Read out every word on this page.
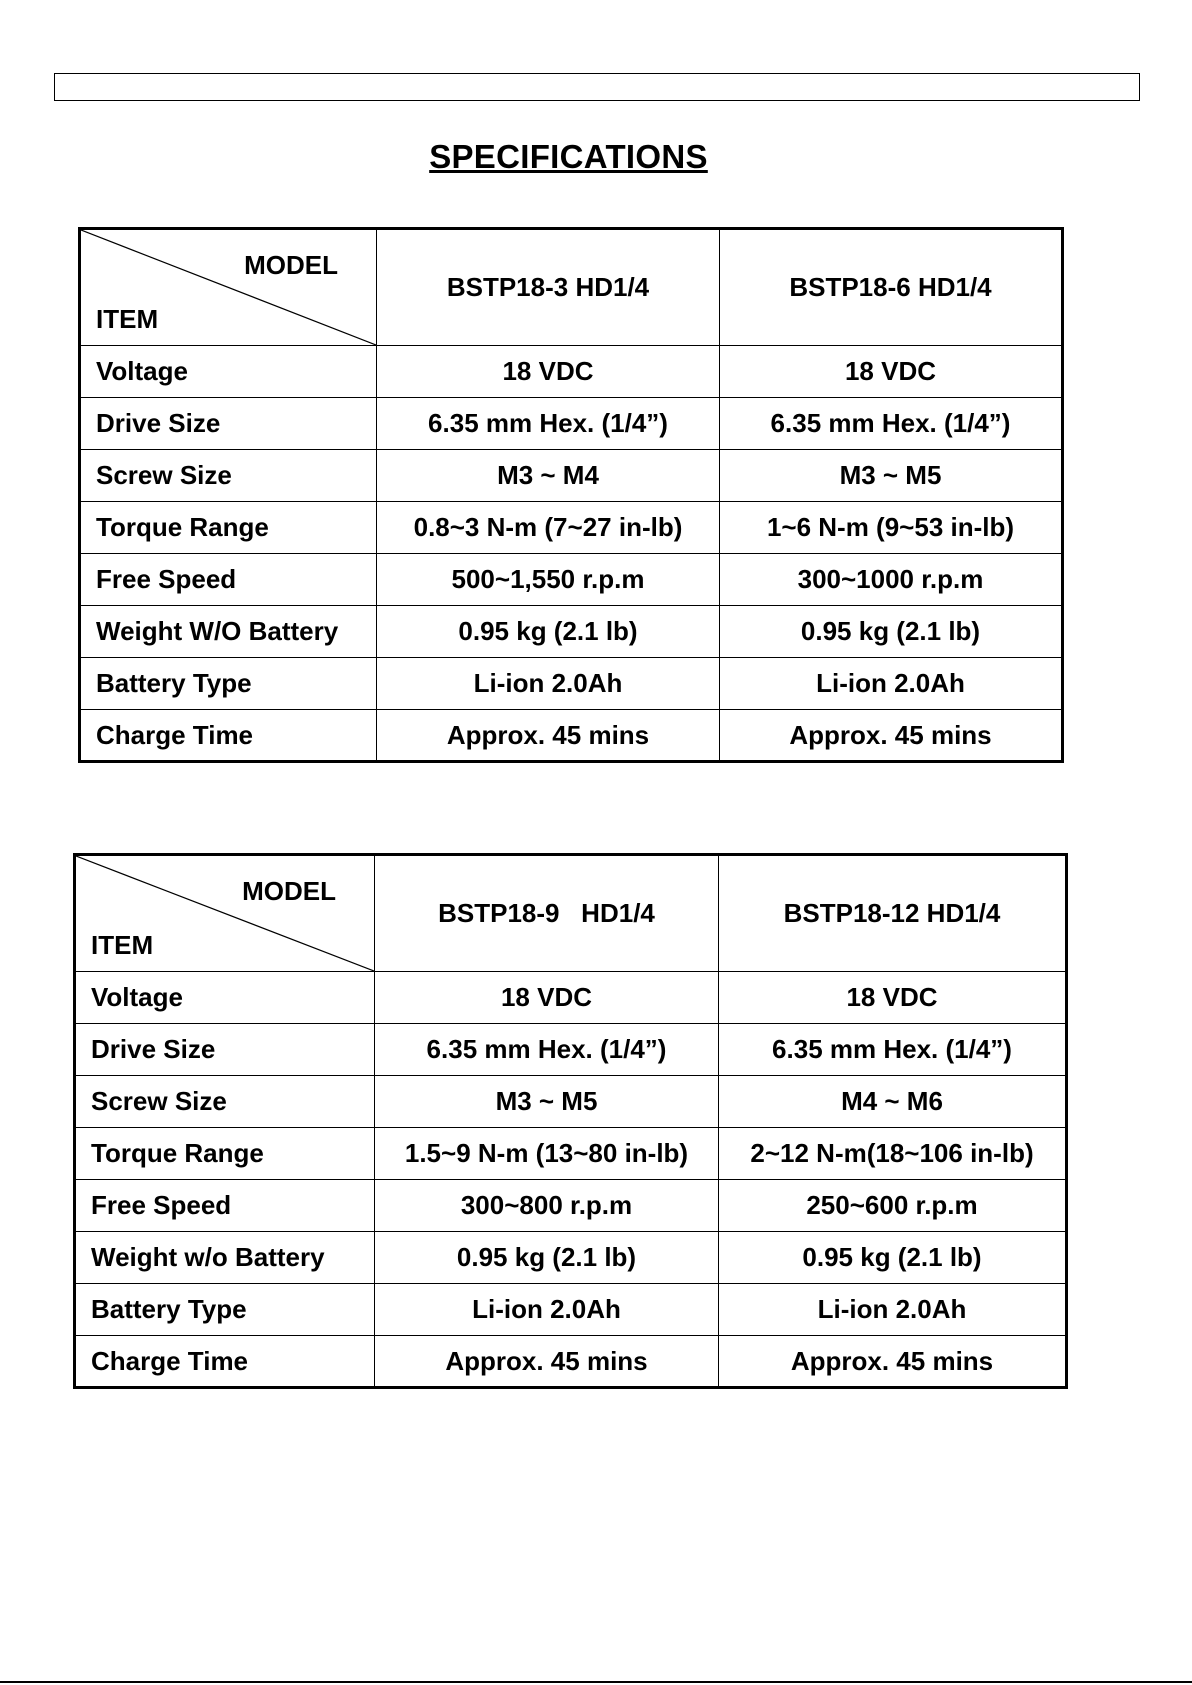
SPECIFICATIONS
MODEL
ITEM	BSTP18-3 HD1/4	BSTP18-6 HD1/4
Voltage	18 VDC	18 VDC
Drive Size	6.35 mm Hex. (1/4”)	6.35 mm Hex. (1/4”)
Screw Size	M3 ~ M4	M3 ~ M5
Torque Range	0.8~3 N-m (7~27 in-lb)	1~6 N-m (9~53 in-lb)
Free Speed	500~1,550 r.p.m	300~1000 r.p.m
Weight W/O Battery	0.95 kg (2.1 lb)	0.95 kg (2.1 lb)
Battery Type	Li-ion 2.0Ah	Li-ion 2.0Ah
Charge Time	Approx. 45 mins	Approx. 45 mins
MODEL
ITEM	BSTP18-9   HD1/4	BSTP18-12 HD1/4
Voltage	18 VDC	18 VDC
Drive Size	6.35 mm Hex. (1/4”)	6.35 mm Hex. (1/4”)
Screw Size	M3 ~ M5	M4 ~ M6
Torque Range	1.5~9 N-m (13~80 in-lb)	2~12 N-m(18~106 in-lb)
Free Speed	300~800 r.p.m	250~600 r.p.m
Weight w/o Battery	0.95 kg (2.1 lb)	0.95 kg (2.1 lb)
Battery Type	Li-ion 2.0Ah	Li-ion 2.0Ah
Charge Time	Approx. 45 mins	Approx. 45 mins
